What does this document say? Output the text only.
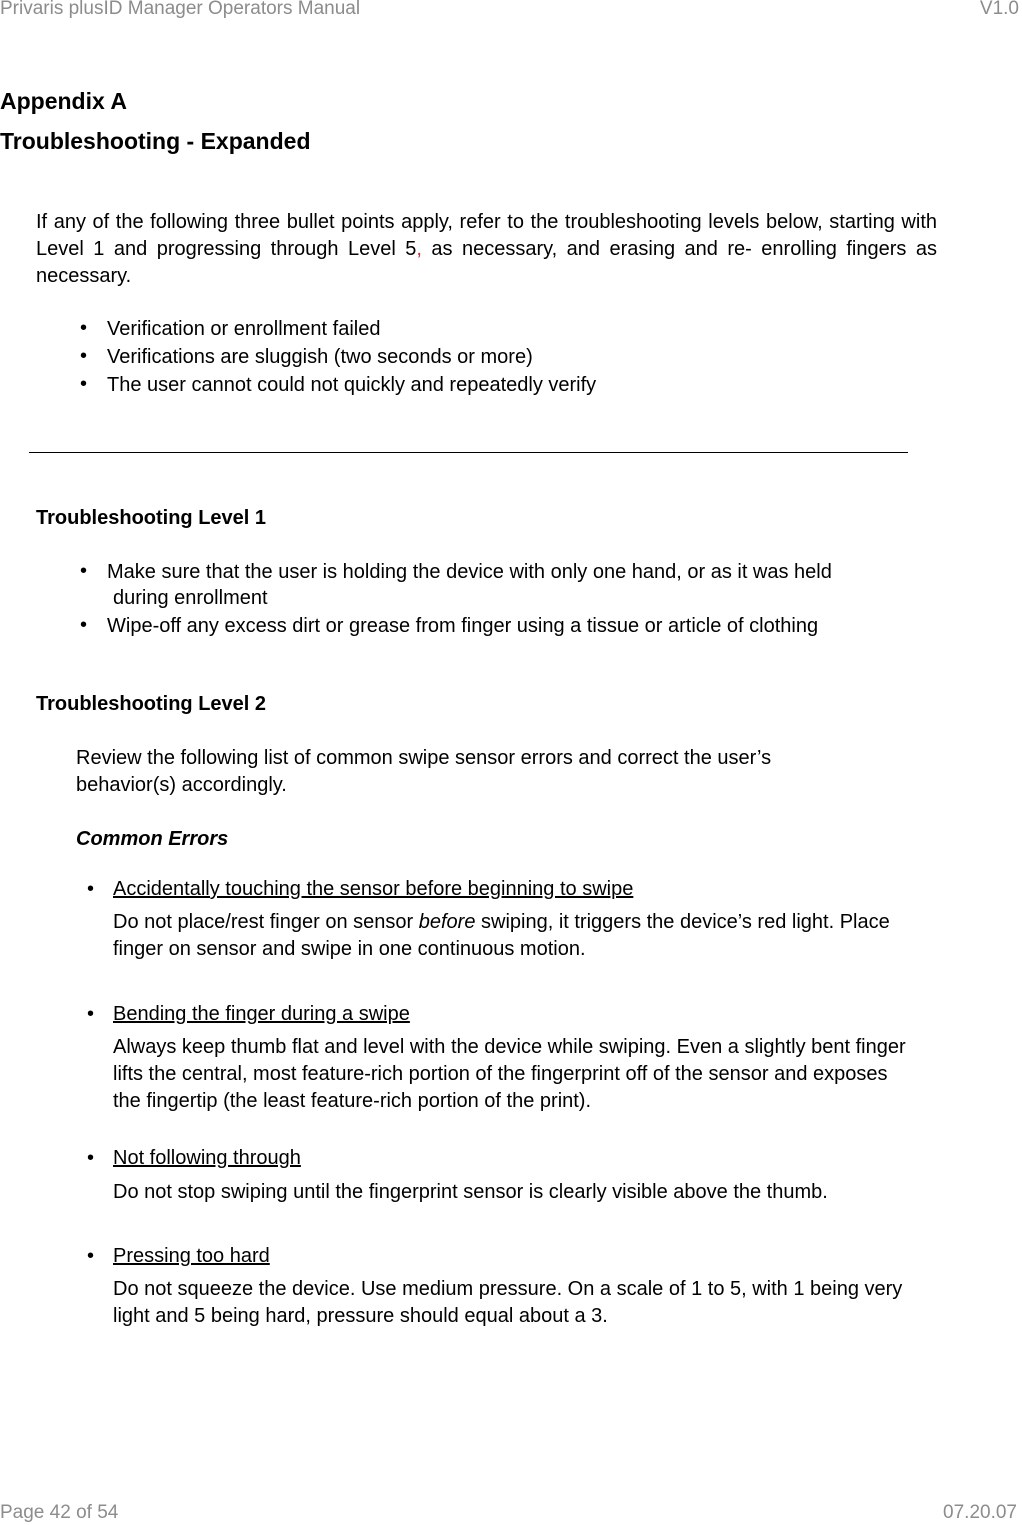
Privaris plusID Manager Operators Manual	V1.0
Appendix A
Troubleshooting - Expanded
If any of the following three bullet points apply, refer to the troubleshooting levels below, starting with Level 1 and progressing through Level 5, as necessary, and erasing and re- enrolling fingers as necessary.
• Verification or enrollment failed
• Verifications are sluggish (two seconds or more)
• The user cannot could not quickly and repeatedly verify
Troubleshooting Level 1
• Make sure that the user is holding the device with only one hand, or as it was held
during enrollment
• Wipe-off any excess dirt or grease from finger using a tissue or article of clothing
Troubleshooting Level 2
Review the following list of common swipe sensor errors and correct the user’s behavior(s) accordingly.
Common Errors
• Accidentally touching the sensor before beginning to swipe
Do not place/rest finger on sensor before swiping, it triggers the device’s red light. Place finger on sensor and swipe in one continuous motion.
• Bending the finger during a swipe
Always keep thumb flat and level with the device while swiping. Even a slightly bent finger lifts the central, most feature-rich portion of the fingerprint off of the sensor and exposes the fingertip (the least feature-rich portion of the print).
• Not following through
Do not stop swiping until the fingerprint sensor is clearly visible above the thumb.
• Pressing too hard
Do not squeeze the device. Use medium pressure. On a scale of 1 to 5, with 1 being very light and 5 being hard, pressure should equal about a 3.
Page 42 of 54	07.20.07
